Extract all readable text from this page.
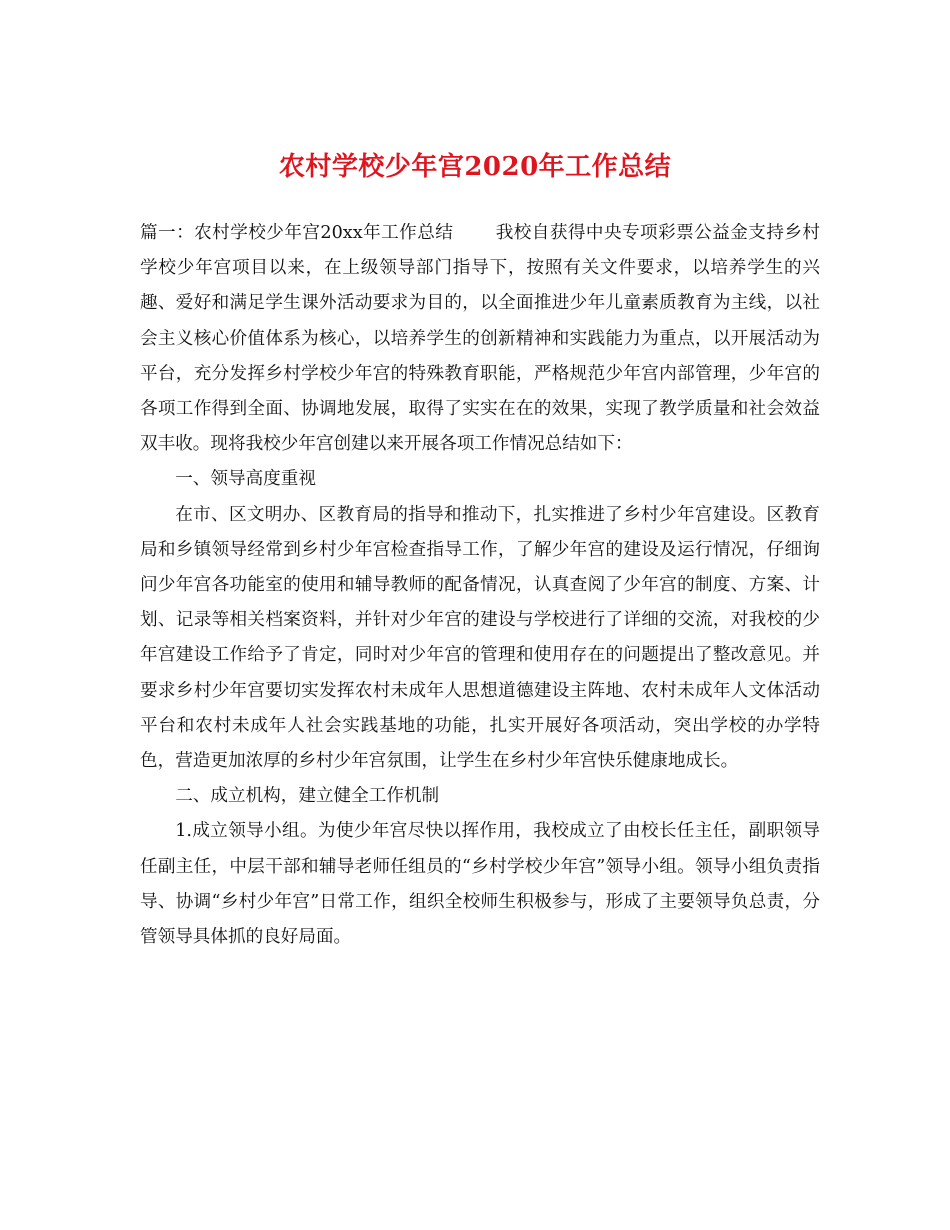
农村学校少年宫2020年工作总结

篇一：农村学校少年宫20xx年工作总结 我校自获得中央专项彩票公益金支持乡村学校少年宫项目以来，在上级领导部门指导下，按照有关文件要求，以培养学生的兴趣、爱好和满足学生课外活动要求为目的，以全面推进少年儿童素质教育为主线，以社会主义核心价值体系为核心，以培养学生的创新精神和实践能力为重点，以开展活动为平台，充分发挥乡村学校少年宫的特殊教育职能，严格规范少年宫内部管理，少年宫的各项工作得到全面、协调地发展，取得了实实在在的效果，实现了教学质量和社会效益双丰收。现将我校少年宫创建以来开展各项工作情况总结如下：

一、领导高度重视

在市、区文明办、区教育局的指导和推动下，扎实推进了乡村少年宫建设。区教育局和乡镇领导经常到乡村少年宫检查指导工作，了解少年宫的建设及运行情况，仔细询问少年宫各功能室的使用和辅导教师的配备情况，认真查阅了少年宫的制度、方案、计划、记录等相关档案资料，并针对少年宫的建设与学校进行了详细的交流，对我校的少年宫建设工作给予了肯定，同时对少年宫的管理和使用存在的问题提出了整改意见。并要求乡村少年宫要切实发挥农村未成年人思想道德建设主阵地、农村未成年人文体活动平台和农村未成年人社会实践基地的功能，扎实开展好各项活动，突出学校的办学特色，营造更加浓厚的乡村少年宫氛围，让学生在乡村少年宫快乐健康地成长。

二、成立机构，建立健全工作机制

1.成立领导小组。为使少年宫尽快以挥作用，我校成立了由校长任主任，副职领导任副主任，中层干部和辅导老师任组员的“乡村学校少年宫”领导小组。领导小组负责指导、协调“乡村少年宫”日常工作，组织全校师生积极参与，形成了主要领导负总责，分管领导具体抓的良好局面。
